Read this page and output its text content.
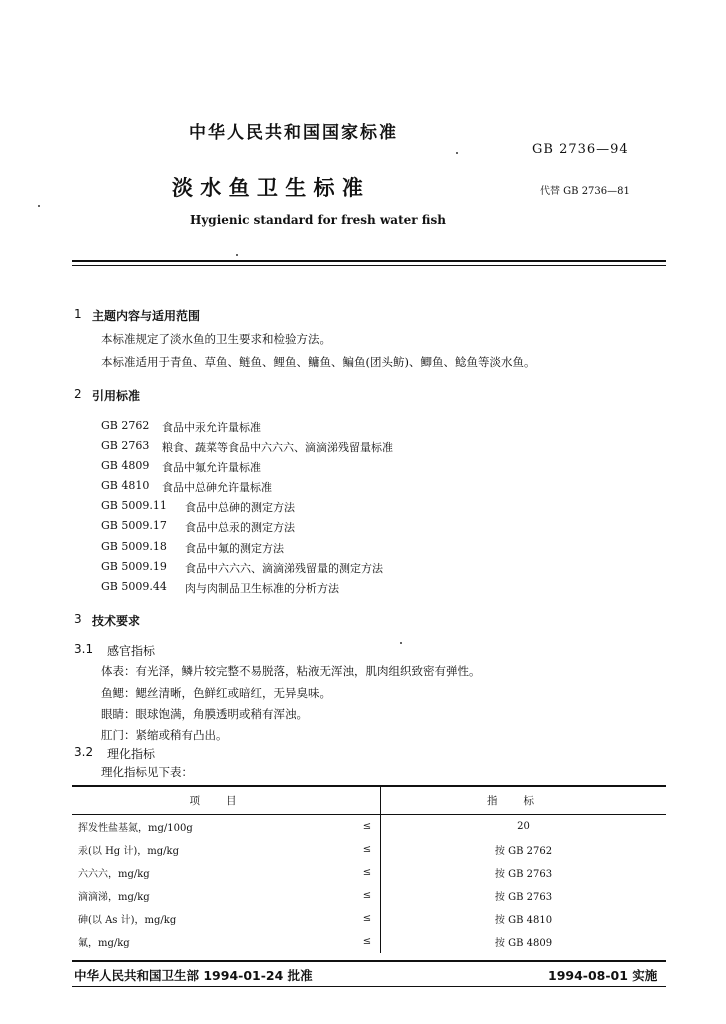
中华人民共和国国家标准
GB 2736—94
淡 水 鱼 卫 生 标 准	代替 GB 2736—81
Hygienic standard for fresh water fish
1 主题内容与适用范围
本标准规定了淡水鱼的卫生要求和检验方法。
本标准适用于青鱼、草鱼、鲢鱼、鲤鱼、鳙鱼、鳊鱼(团头鲂)、鲫鱼、鲶鱼等淡水鱼。
2 引用标准
GB 2762 食品中汞允许量标准
GB 2763 粮食、蔬菜等食品中六六六、滴滴涕残留量标准
GB 4809 食品中氟允许量标准
GB 4810 食品中总砷允许量标准
GB 5009.11 食品中总砷的测定方法
GB 5009.17 食品中总汞的测定方法
GB 5009.18 食品中氟的测定方法
GB 5009.19 食品中六六六、滴滴涕残留量的测定方法
GB 5009.44 肉与肉制品卫生标准的分析方法
3 技术要求
3.1 感官指标
体表：有光泽，鳞片较完整不易脱落，粘液无浑浊，肌肉组织致密有弹性。
鱼鳃：鳃丝清晰，色鲜红或暗红，无异臭味。
眼睛：眼球饱满，角膜透明或稍有浑浊。
肛门：紧缩或稍有凸出。
3.2 理化指标
理化指标见下表：
项目		指标
挥发性盐基氮，mg/100g	≤	20
汞(以 Hg 计)，mg/kg	≤	按 GB 2762
六六六，mg/kg	≤	按 GB 2763
滴滴涕，mg/kg	≤	按 GB 2763
砷(以 As 计)，mg/kg	≤	按 GB 4810
氟，mg/kg	≤	按 GB 4809
中华人民共和国卫生部 1994-01-24 批准	1994-08-01 实施
